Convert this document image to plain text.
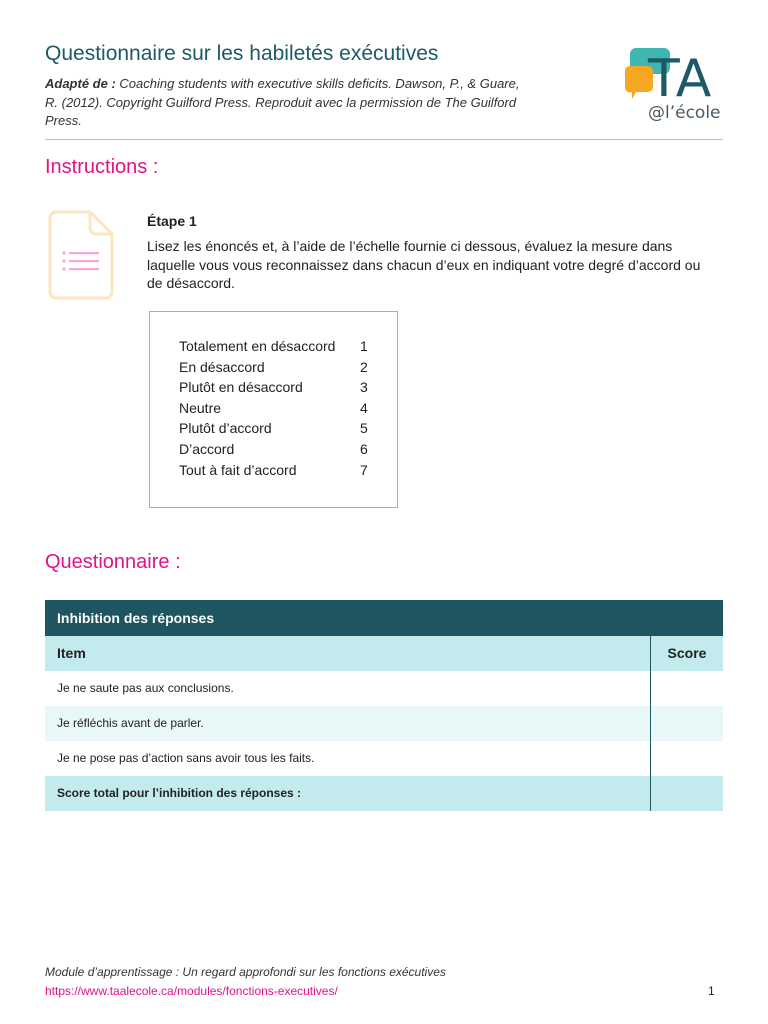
Questionnaire sur les habiletés exécutives
Adapté de : Coaching students with executive skills deficits. Dawson, P., & Guare, R. (2012). Copyright Guilford Press. Reproduit avec la permission de The Guilford Press.
TA
@l’école
Instructions :
Étape 1
Lisez les énoncés et, à l’aide de l’échelle fournie ci dessous, évaluez la mesure dans laquelle vous vous reconnaissez dans chacun d’eux en indiquant votre degré d’accord ou de désaccord.
Totalement en désaccord 1
En désaccord	2
Plutôt en désaccord	3
Neutre	4
Plutôt d’accord	5
D’accord	6
Tout à fait d’accord	7
Questionnaire :
Inhibition des réponses
Item	Score
Je ne saute pas aux conclusions.
Je réfléchis avant de parler.
Je ne pose pas d’action sans avoir tous les faits.
Score total pour l’inhibition des réponses :
Module d’apprentissage : Un regard approfondi sur les fonctions exécutives
https://www.taalecole.ca/modules/fonctions-executives/	1
